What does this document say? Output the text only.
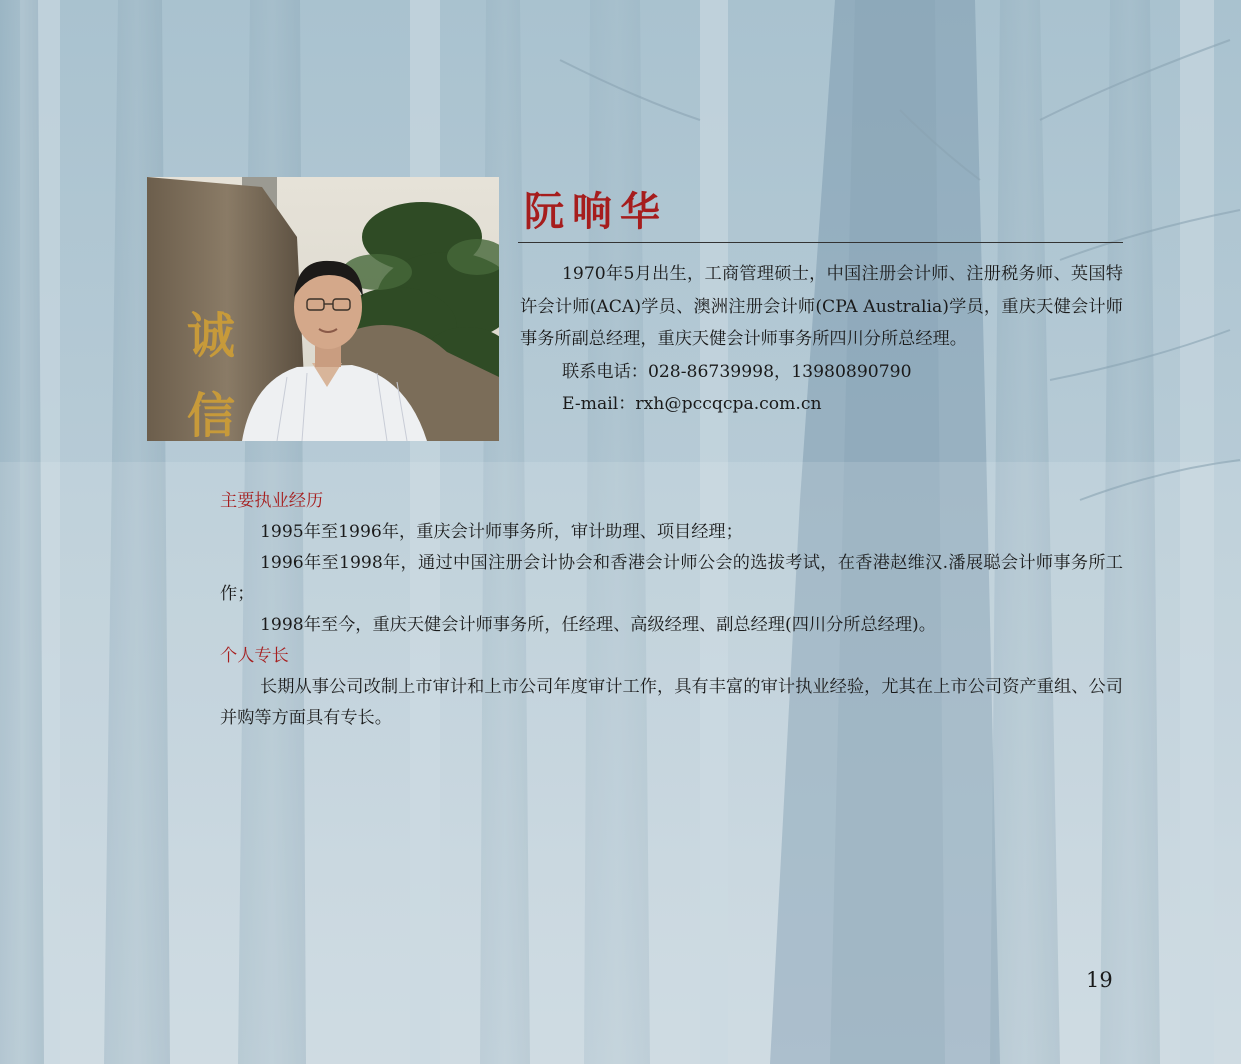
诚
信
阮响华

1970年5月出生，工商管理硕士，中国注册会计师、注册税务师、英国特许会计师(ACA)学员、澳洲注册会计师(CPA Australia)学员，重庆天健会计师事务所副总经理，重庆天健会计师事务所四川分所总经理。

联系电话：028-86739998，13980890790

E-mail：rxh@pccqcpa.com.cn

主要执业经历

1995年至1996年，重庆会计师事务所，审计助理、项目经理；

1996年至1998年，通过中国注册会计协会和香港会计师公会的选拔考试，在香港赵维汉.潘展聪会计师事务所工作；

1998年至今，重庆天健会计师事务所，任经理、高级经理、副总经理(四川分所总经理)。

个人专长

长期从事公司改制上市审计和上市公司年度审计工作，具有丰富的审计执业经验，尤其在上市公司资产重组、公司并购等方面具有专长。

19
